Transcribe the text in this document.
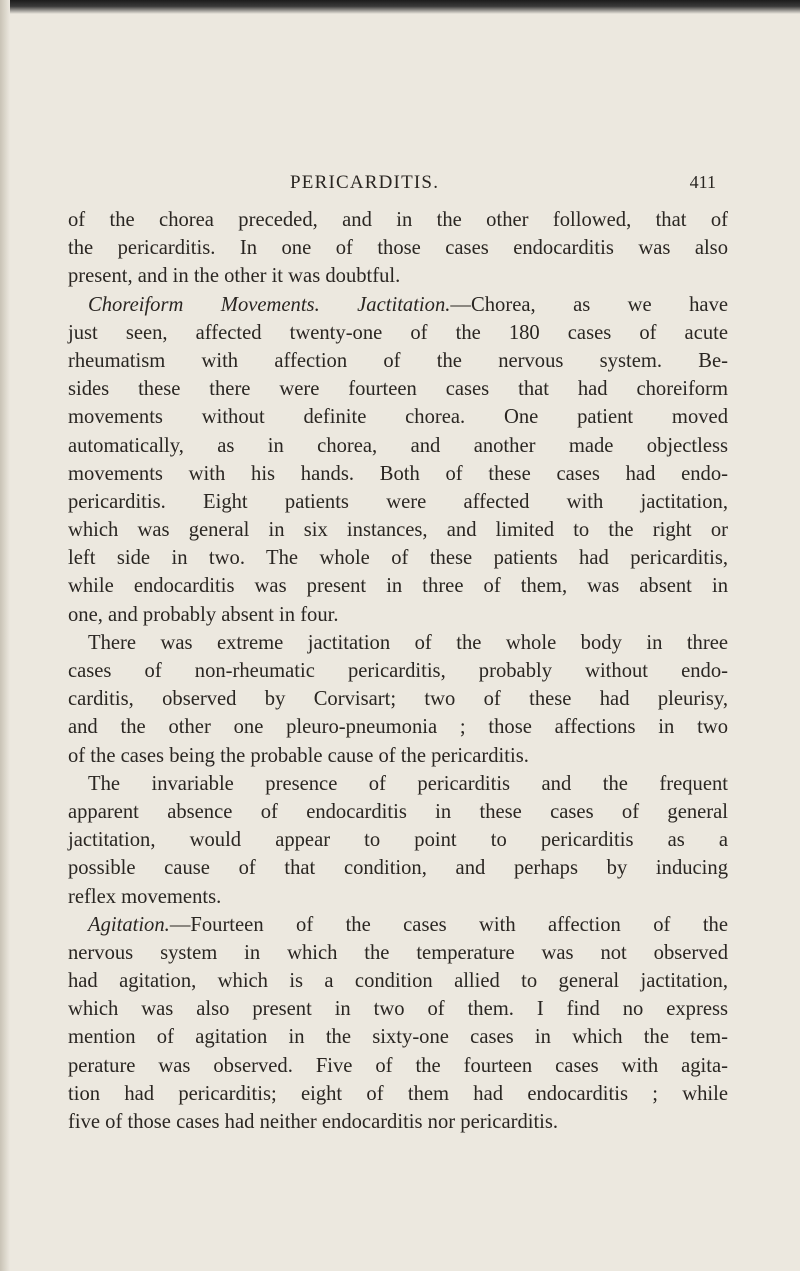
PERICARDITIS.	411
of the chorea preceded, and in the other followed, that of
the pericarditis. In one of those cases endocarditis was also
present, and in the other it was doubtful.
Choreiform Movements. Jactitation.—Chorea, as we have
just seen, affected twenty-one of the 180 cases of acute
rheumatism with affection of the nervous system. Be-
sides these there were fourteen cases that had choreiform
movements without definite chorea. One patient moved
automatically, as in chorea, and another made objectless
movements with his hands. Both of these cases had endo-
pericarditis. Eight patients were affected with jactitation,
which was general in six instances, and limited to the right or
left side in two. The whole of these patients had pericarditis,
while endocarditis was present in three of them, was absent in
one, and probably absent in four.
There was extreme jactitation of the whole body in three
cases of non-rheumatic pericarditis, probably without endo-
carditis, observed by Corvisart; two of these had pleurisy,
and the other one pleuro-pneumonia ; those affections in two
of the cases being the probable cause of the pericarditis.
The invariable presence of pericarditis and the frequent
apparent absence of endocarditis in these cases of general
jactitation, would appear to point to pericarditis as a
possible cause of that condition, and perhaps by inducing
reflex movements.
Agitation.—Fourteen of the cases with affection of the
nervous system in which the temperature was not observed
had agitation, which is a condition allied to general jactitation,
which was also present in two of them. I find no express
mention of agitation in the sixty-one cases in which the tem-
perature was observed. Five of the fourteen cases with agita-
tion had pericarditis; eight of them had endocarditis ; while
five of those cases had neither endocarditis nor pericarditis.
